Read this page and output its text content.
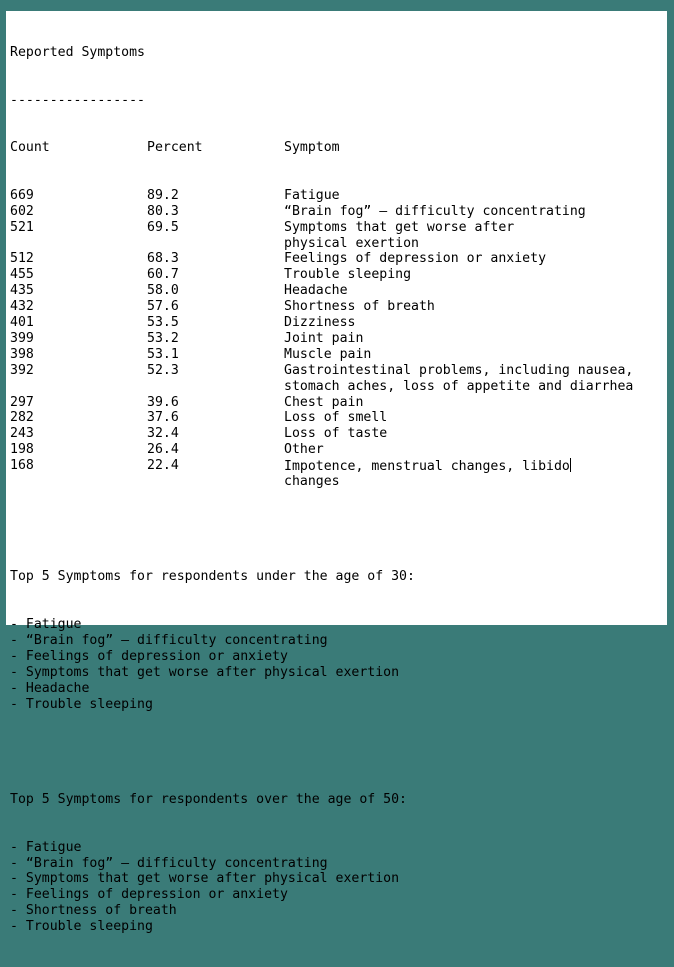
Reported Symptoms

-----------------

Count	Percent	Symptom

669	89.2	Fatigue
602	80.3	“Brain fog” — difficulty concentrating
521	69.5	Symptoms that get worse after
physical exertion
512	68.3	Feelings of depression or anxiety
455	60.7	Trouble sleeping
435	58.0	Headache
432	57.6	Shortness of breath
401	53.5	Dizziness
399	53.2	Joint pain
398	53.1	Muscle pain
392	52.3	Gastrointestinal problems, including nausea,
stomach aches, loss of appetite and diarrhea
297	39.6	Chest pain
282	37.6	Loss of smell
243	32.4	Loss of taste
198	26.4	Other
168	22.4	Impotence, menstrual changes, libido
changes

Top 5 Symptoms for respondents under the age of 30:

- Fatigue
- “Brain fog” — difficulty concentrating
- Feelings of depression or anxiety
- Symptoms that get worse after physical exertion
- Headache
- Trouble sleeping

Top 5 Symptoms for respondents over the age of 50:

- Fatigue
- “Brain fog” — difficulty concentrating
- Symptoms that get worse after physical exertion
- Feelings of depression or anxiety
- Shortness of breath
- Trouble sleeping
